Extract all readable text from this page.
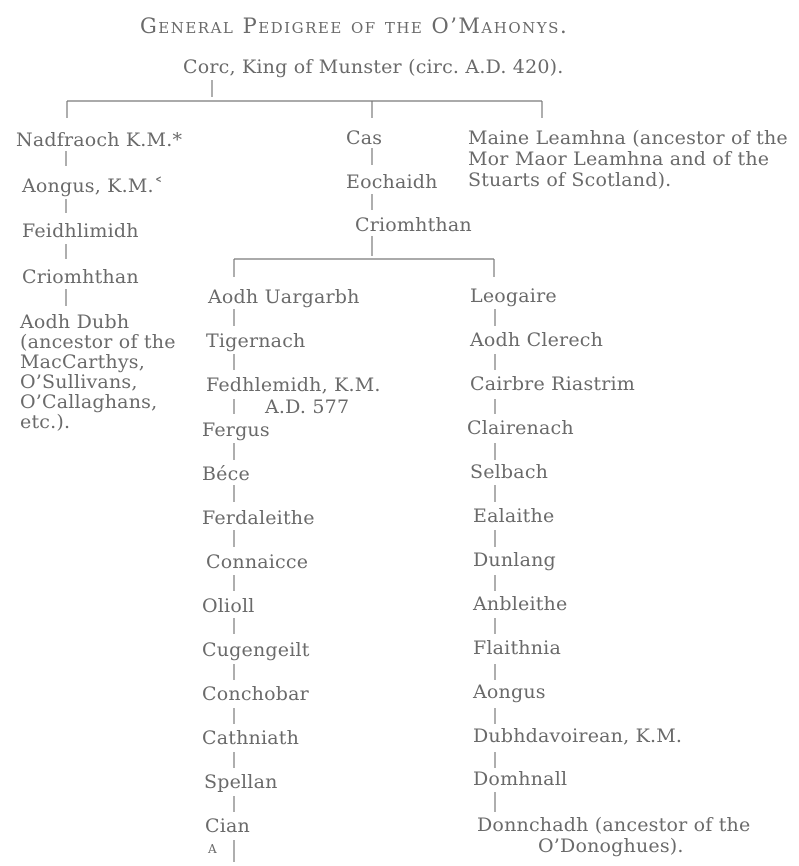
General Pedigree of the O’Mahonys.
Corc, King of Munster (circ. A.D. 420).
Nadfraoch K.M.*
Aongus, K.M.˂
Feidhlimidh
Criomhthan
Aodh Dubh (ancestor of the MacCarthys, O’Sullivans, O’Callaghans, etc.).
Cas
Eochaidh
Criomhthan
Maine Leamhna (ancestor of the Mor Maor Leamhna and of the Stuarts of Scotland).
Aodh Uargarbh
Tigernach
Fedhlemidh, K.M.
A.D. 577
Fergus
Béce
Ferdaleithe
Connaicce
Olioll
Cugengeilt
Conchobar
Cathniath
Spellan
Cian
A
Leogaire
Aodh Clerech
Cairbre Riastrim
Clairenach
Selbach
Ealaithe
Dunlang
Anbleithe
Flaithnia
Aongus
Dubhdavoirean, K.M.
Domhnall
Donnchadh (ancestor of the
O’Donoghues).
